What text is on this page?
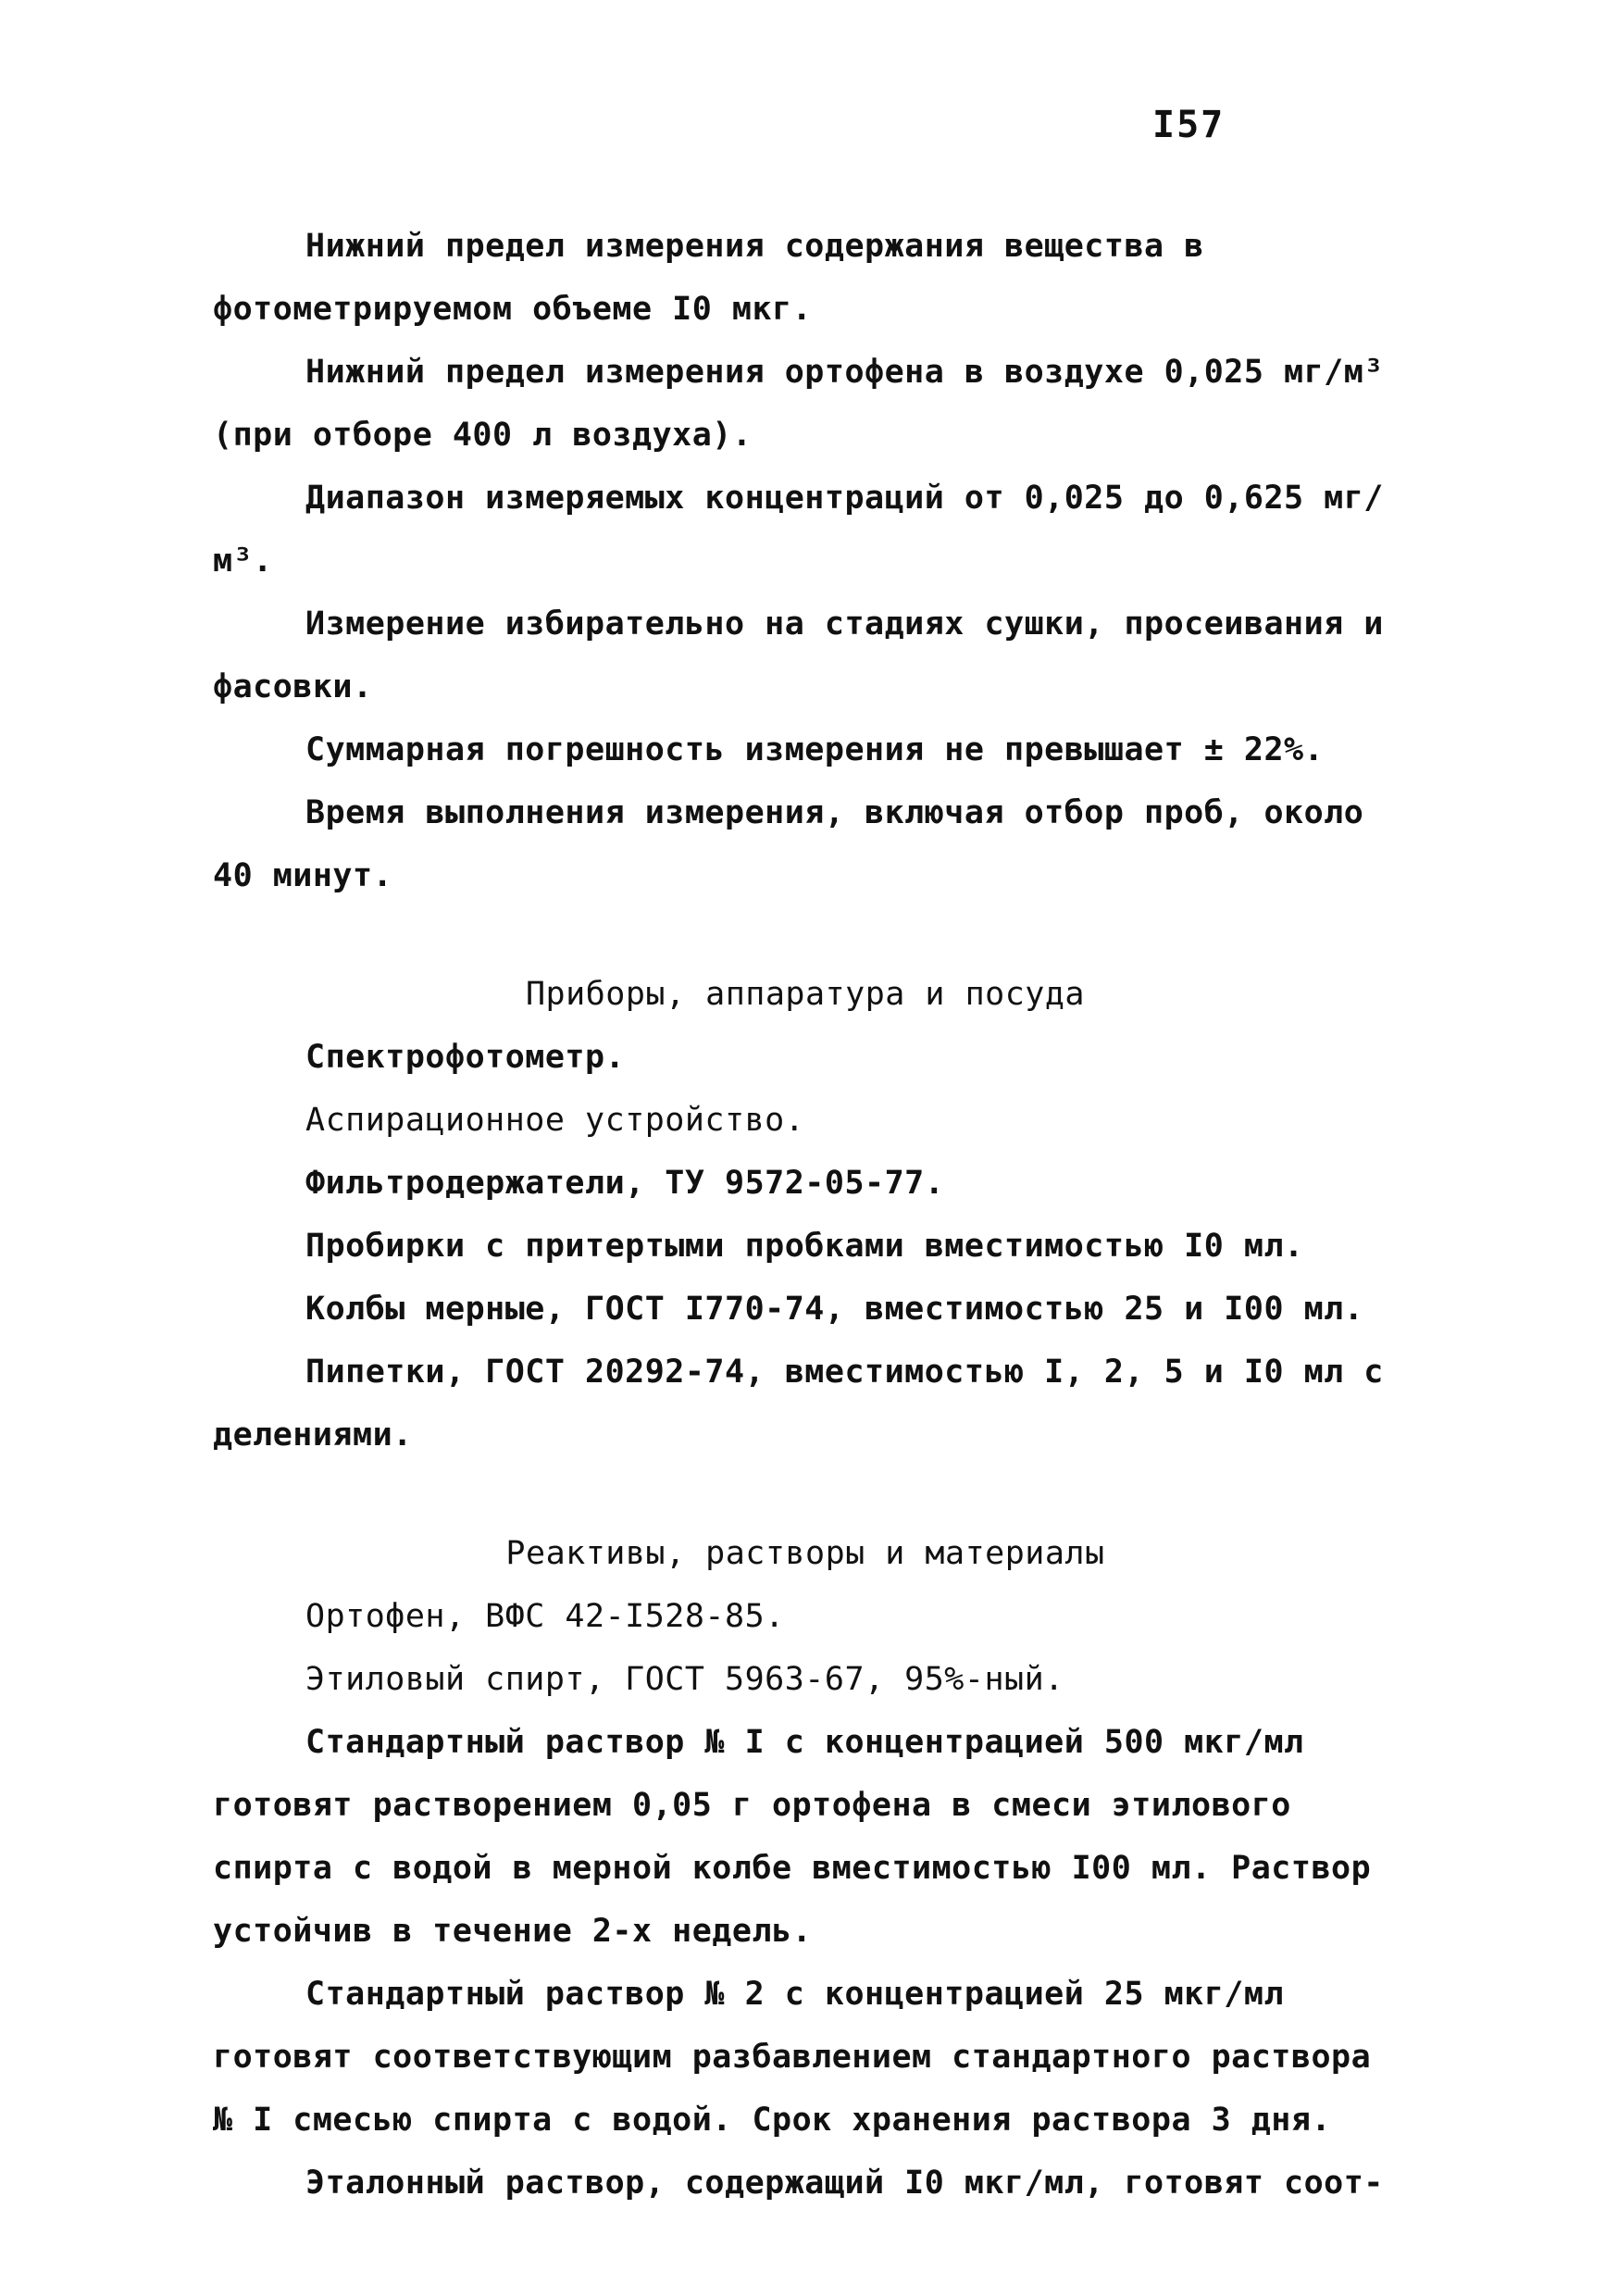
I57

Нижний предел измерения содержания вещества в фотометрируемом объеме I0 мкг.

Нижний предел измерения ортофена в воздухе 0,025 мг/м³ (при отборе 400 л воздуха).

Диапазон измеряемых концентраций от 0,025 до 0,625 мг/м³.

Измерение избирательно на стадиях сушки, просеивания и фасовки.

Суммарная погрешность измерения не превышает ± 22%.

Время выполнения измерения, включая отбор проб, около 40 минут.

Приборы, аппаратура и посуда

Спектрофотометр.

Аспирационное устройство.

Фильтродержатели, ТУ 9572-05-77.

Пробирки с притертыми пробками вместимостью I0 мл.

Колбы мерные, ГОСТ I770-74, вместимостью 25 и I00 мл.

Пипетки, ГОСТ 20292-74, вместимостью I, 2, 5 и I0 мл с делениями.

Реактивы, растворы и материалы

Ортофен, ВФС 42-I528-85.

Этиловый спирт, ГОСТ 5963-67, 95%-ный.

Стандартный раствор № I с концентрацией 500 мкг/мл готовят растворением 0,05 г ортофена в смеси этилового спирта с водой в мерной колбе вместимостью I00 мл. Раствор устойчив в течение 2-х недель.

Стандартный раствор № 2 с концентрацией 25 мкг/мл готовят соответствующим разбавлением стандартного раствора № I смесью спирта с водой. Срок хранения раствора 3 дня.

Эталонный раствор, содержащий I0 мкг/мл, готовят соот-
